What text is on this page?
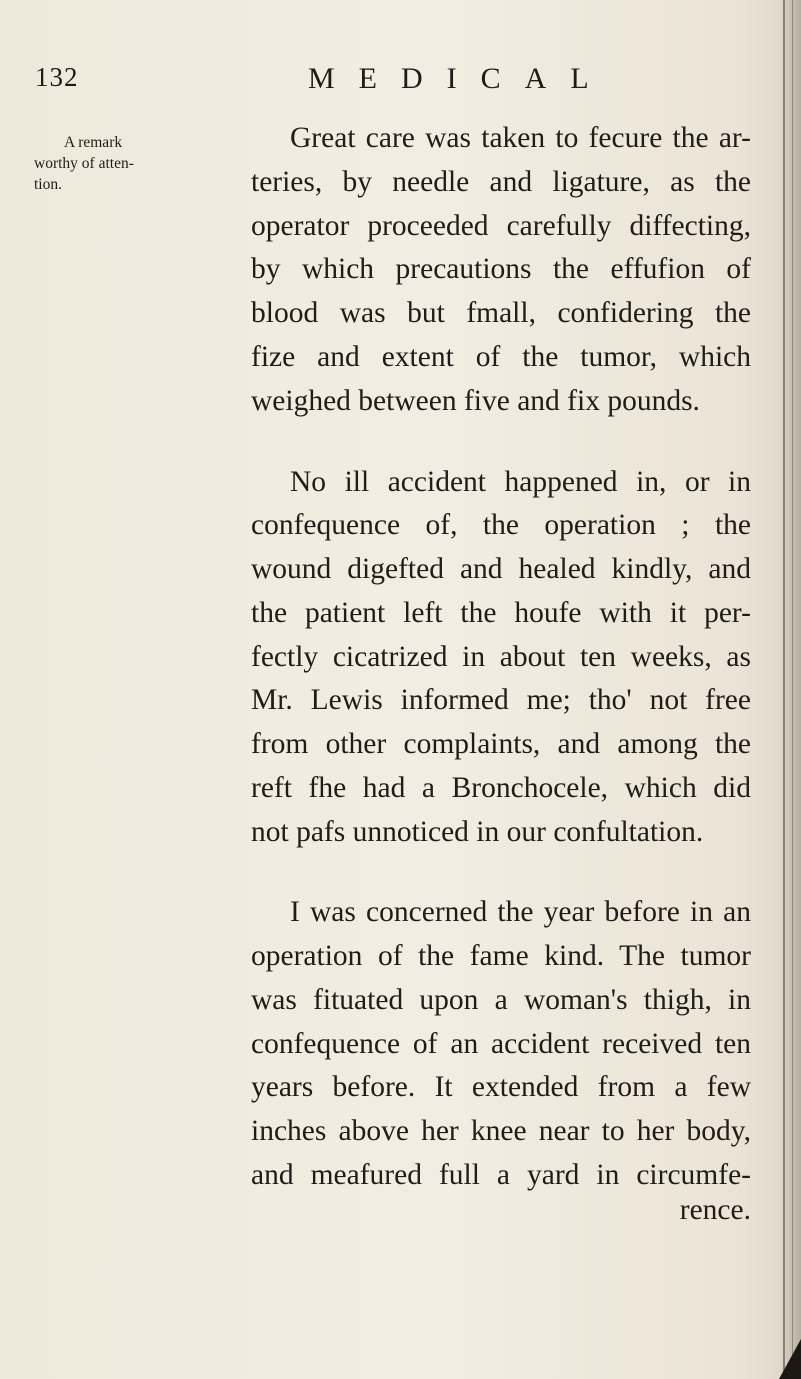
132	MEDICAL
A remark
worthy of atten-
tion.
Great care was taken to fecure the ar-
teries, by needle and ligature, as the
operator proceeded carefully diffecting,
by which precautions the effufion of
blood was but fmall, confidering the
fize and extent of the tumor, which
weighed between five and fix pounds.
No ill accident happened in, or in
confequence of, the operation ; the
wound digefted and healed kindly, and
the patient left the houfe with it per-
fectly cicatrized in about ten weeks, as
Mr. Lewis informed me; tho' not free
from other complaints, and among the
reft fhe had a Bronchocele, which did
not pafs unnoticed in our confultation.
I was concerned the year before in an
operation of the fame kind. The tumor
was fituated upon a woman's thigh, in
confequence of an accident received ten
years before. It extended from a few
inches above her knee near to her body,
and meafured full a yard in circumfe-
rence.
